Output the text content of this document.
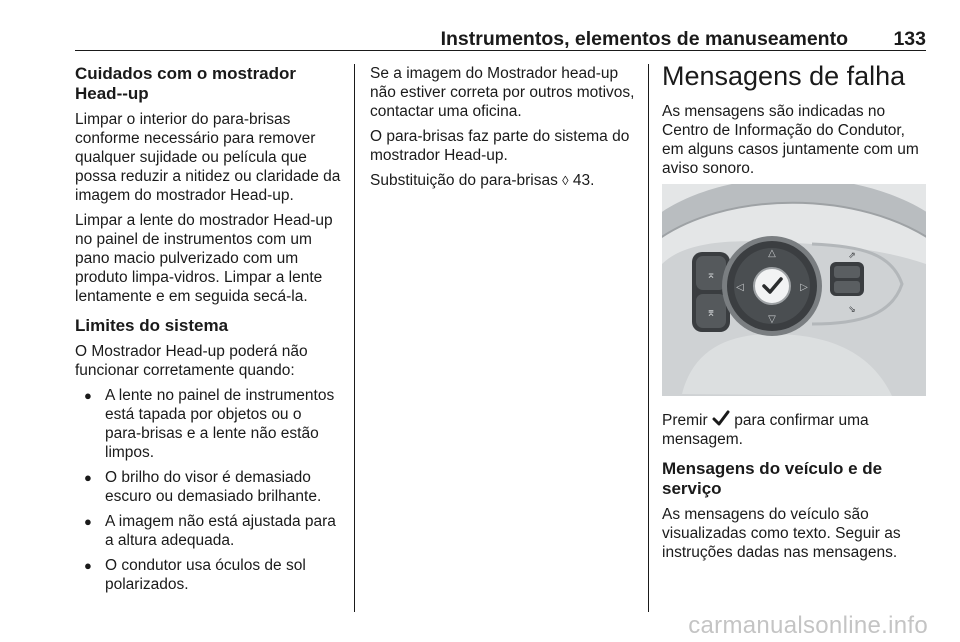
Instrumentos, elementos de manuseamento 133
Cuidados com o mostrador Head--up

Limpar o interior do para-brisas conforme necessário para remover qualquer sujidade ou película que possa reduzir a nitidez ou claridade da imagem do mostrador Head-up.

Limpar a lente do mostrador Head-up no painel de instrumentos com um pano macio pulverizado com um produto limpa-vidros. Limpar a lente lentamente e em seguida secá-la.

Limites do sistema

O Mostrador Head-up poderá não funcionar corretamente quando:

● A lente no painel de instrumentos está tapada por objetos ou o para-brisas e a lente não estão limpos.
● O brilho do visor é demasiado escuro ou demasiado brilhante.
● A imagem não está ajustada para a altura adequada.
● O condutor usa óculos de sol polarizados.

Se a imagem do Mostrador head-up não estiver correta por outros motivos, contactar uma oficina.

O para-brisas faz parte do sistema do mostrador Head-up.

Substituição do para-brisas ◊ 43.

Mensagens de falha

As mensagens são indicadas no Centro de Informação do Condutor, em alguns casos juntamente com um aviso sonoro.

⌅
⌆
△
▽
◁	▷
⇗
⇘

Premir para confirmar uma mensagem.

Mensagens do veículo e de serviço

As mensagens do veículo são visualizadas como texto. Seguir as instruções dadas nas mensagens.

carmanualsonline.info
